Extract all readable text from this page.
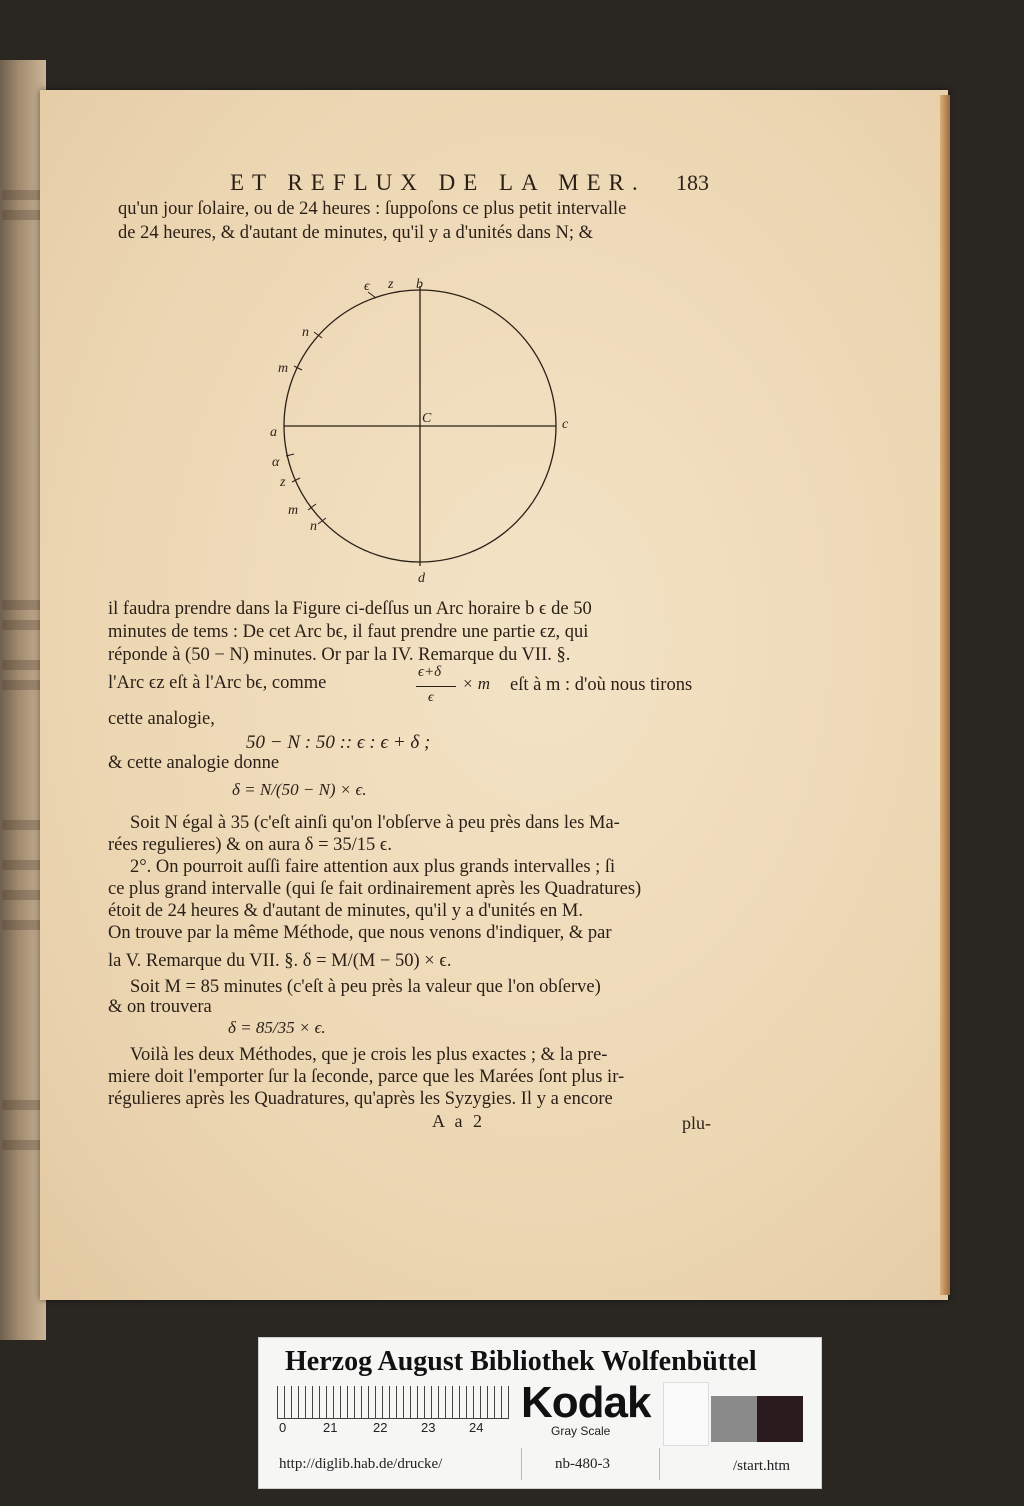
ET REFLUX DE LA MER.	183
qu'un jour ſolaire, ou de 24 heures : ſuppoſons ce plus petit intervalle
de 24 heures, & d'autant de minutes, qu'il y a d'unités dans N; &
ϵ z b
n
m
a
C	c
α
z
m
n
d
il faudra prendre dans la Figure ci-deſſus un Arc horaire b ϵ de 50
minutes de tems : De cet Arc bϵ, il faut prendre une partie ϵz, qui
réponde à (50 − N) minutes. Or par la IV. Remarque du VII. §.
l'Arc ϵz eſt à l'Arc bϵ, comme
ϵ+δ
ϵ
× m eſt à m : d'où nous tirons
cette analogie,
50 − N : 50 :: ϵ : ϵ + δ ;
& cette analogie donne
δ = N/(50 − N) × ϵ.
Soit N égal à 35 (c'eſt ainſi qu'on l'obſerve à peu près dans les Ma-
rées regulieres) & on aura δ = 35/15 ϵ.
2°. On pourroit auſſi faire attention aux plus grands intervalles ; ſi
ce plus grand intervalle (qui ſe fait ordinairement après les Quadratures)
étoit de 24 heures & d'autant de minutes, qu'il y a d'unités en M.
On trouve par la même Méthode, que nous venons d'indiquer, & par
la V. Remarque du VII. §. δ = M/(M − 50) × ϵ.
Soit M = 85 minutes (c'eſt à peu près la valeur que l'on obſerve)
& on trouvera
δ = 85/35 × ϵ.
Voilà les deux Méthodes, que je crois les plus exactes ; & la pre-
miere doit l'emporter ſur la ſeconde, parce que les Marées ſont plus ir-
régulieres après les Quadratures, qu'après les Syzygies. Il y a encore
A a 2	plu-
Herzog August Bibliothek Wolfenbüttel
0	21	22	23	24
Kodak
Gray Scale
http://diglib.hab.de/drucke/	nb-480-3	/start.htm
